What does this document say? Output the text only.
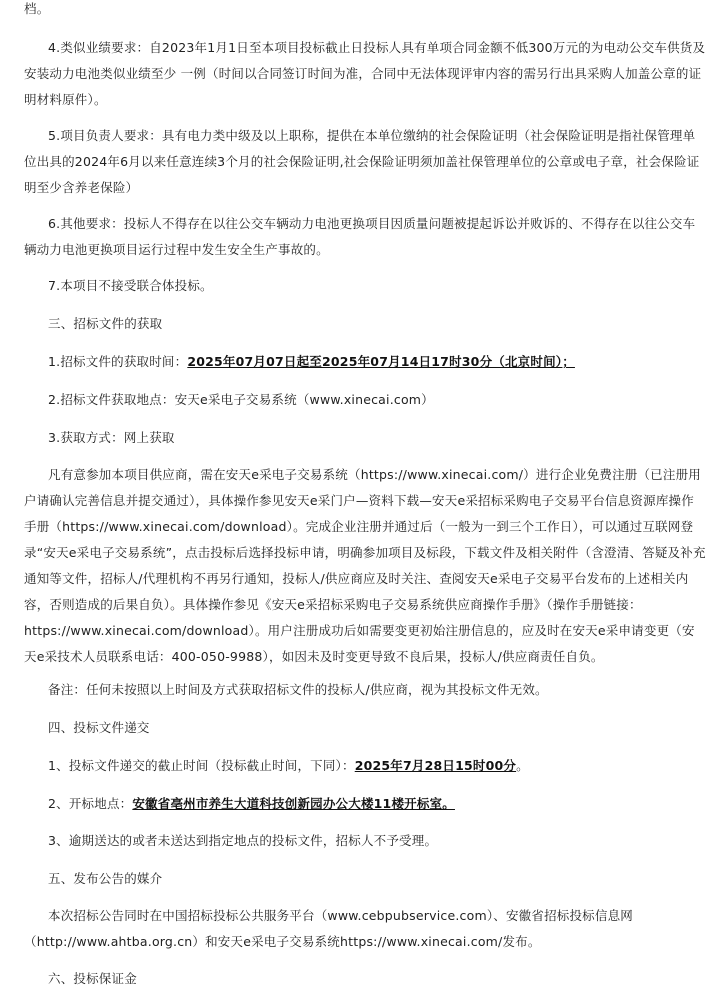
档。

4.类似业绩要求：自2023年1月1日至本项目投标截止日投标人具有单项合同金额不低300万元的为电动公交车供货及安装动力电池类似业绩至少 一例（时间以合同签订时间为准，合同中无法体现评审内容的需另行出具采购人加盖公章的证明材料原件）。

5.项目负责人要求：具有电力类中级及以上职称，提供在本单位缴纳的社会保险证明（社会保险证明是指社保管理单位出具的2024年6月以来任意连续3个月的社会保险证明,社会保险证明须加盖社保管理单位的公章或电子章，社会保险证明至少含养老保险）

6.其他要求：投标人不得存在以往公交车辆动力电池更换项目因质量问题被提起诉讼并败诉的、不得存在以往公交车辆动力电池更换项目运行过程中发生安全生产事故的。

7.本项目不接受联合体投标。

三、招标文件的获取

1.招标文件的获取时间：2025年07月07日起至2025年07月14日17时30分（北京时间）；

2.招标文件获取地点：安天e采电子交易系统（www.xinecai.com）

3.获取方式：网上获取

凡有意参加本项目供应商，需在安天e采电子交易系统（https://www.xinecai.com/）进行企业免费注册（已注册用户请确认完善信息并提交通过），具体操作参见安天e采门户—资料下载—安天e采招标采购电子交易平台信息资源库操作手册（https://www.xinecai.com/download）。完成企业注册并通过后（一般为一到三个工作日），可以通过互联网登录“安天e采电子交易系统”，点击投标后选择投标申请，明确参加项目及标段，下载文件及相关附件（含澄清、答疑及补充通知等文件，招标人/代理机构不再另行通知，投标人/供应商应及时关注、查阅安天e采电子交易平台发布的上述相关内容，否则造成的后果自负）。具体操作参见《安天e采招标采购电子交易系统供应商操作手册》（操作手册链接：https://www.xinecai.com/download）。用户注册成功后如需要变更初始注册信息的，应及时在安天e采申请变更（安天e采技术人员联系电话：400-050-9988），如因未及时变更导致不良后果，投标人/供应商责任自负。

备注：任何未按照以上时间及方式获取招标文件的投标人/供应商，视为其投标文件无效。

四、投标文件递交

1、投标文件递交的截止时间（投标截止时间，下同）：2025年7月28日15时00分。

2、开标地点：安徽省亳州市养生大道科技创新园办公大楼11楼开标室。

3、逾期送达的或者未送达到指定地点的投标文件，招标人不予受理。

五、发布公告的媒介

本次招标公告同时在中国招标投标公共服务平台（www.cebpubservice.com）、安徽省招标投标信息网（http://www.ahtba.org.cn）和安天e采电子交易系统https://www.xinecai.com/发布。

六、投标保证金
